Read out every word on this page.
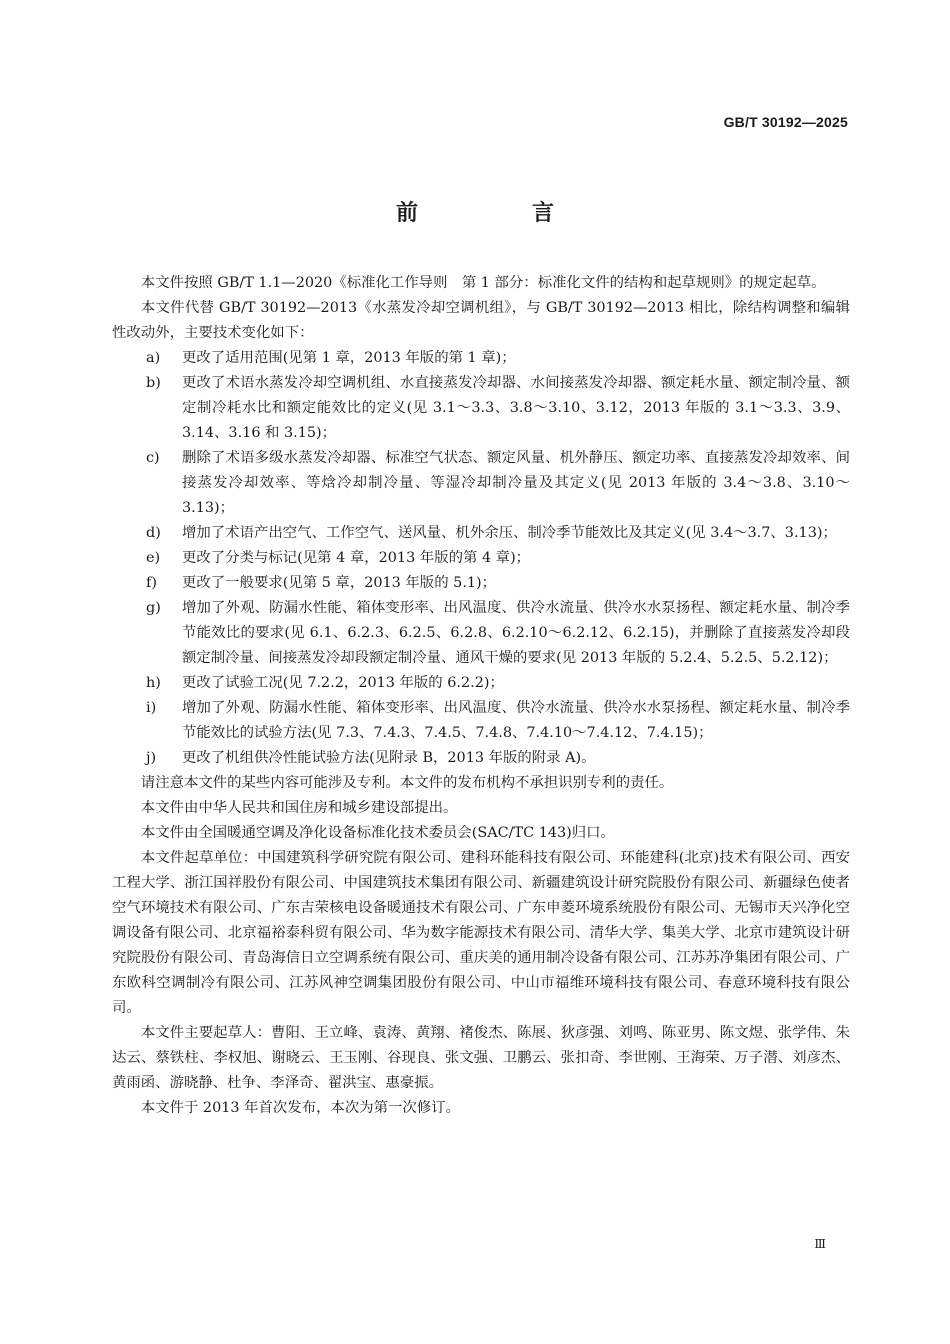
GB/T 30192—2025
前　言

本文件按照 GB/T 1.1—2020《标准化工作导则　第 1 部分：标准化文件的结构和起草规则》的规定起草。

本文件代替 GB/T 30192—2013《水蒸发冷却空调机组》，与 GB/T 30192—2013 相比，除结构调整和编辑性改动外，主要技术变化如下：

a)	更改了适用范围(见第 1 章，2013 年版的第 1 章)；
b)	更改了术语水蒸发冷却空调机组、水直接蒸发冷却器、水间接蒸发冷却器、额定耗水量、额定制冷量、额定制冷耗水比和额定能效比的定义(见 3.1～3.3、3.8～3.10、3.12，2013 年版的 3.1～3.3、3.9、3.14、3.16 和 3.15)；
c)	删除了术语多级水蒸发冷却器、标准空气状态、额定风量、机外静压、额定功率、直接蒸发冷却效率、间接蒸发冷却效率、等焓冷却制冷量、等湿冷却制冷量及其定义(见 2013 年版的 3.4～3.8、3.10～3.13)；
d)	增加了术语产出空气、工作空气、送风量、机外余压、制冷季节能效比及其定义(见 3.4～3.7、3.13)；
e)	更改了分类与标记(见第 4 章，2013 年版的第 4 章)；
f)	更改了一般要求(见第 5 章，2013 年版的 5.1)；
g)	增加了外观、防漏水性能、箱体变形率、出风温度、供冷水流量、供冷水水泵扬程、额定耗水量、制冷季节能效比的要求(见 6.1、6.2.3、6.2.5、6.2.8、6.2.10～6.2.12、6.2.15)，并删除了直接蒸发冷却段额定制冷量、间接蒸发冷却段额定制冷量、通风干燥的要求(见 2013 年版的 5.2.4、5.2.5、5.2.12)；
h)	更改了试验工况(见 7.2.2，2013 年版的 6.2.2)；
i)	增加了外观、防漏水性能、箱体变形率、出风温度、供冷水流量、供冷水水泵扬程、额定耗水量、制冷季节能效比的试验方法(见 7.3、7.4.3、7.4.5、7.4.8、7.4.10～7.4.12、7.4.15)；
j)	更改了机组供冷性能试验方法(见附录 B，2013 年版的附录 A)。

请注意本文件的某些内容可能涉及专利。本文件的发布机构不承担识别专利的责任。

本文件由中华人民共和国住房和城乡建设部提出。

本文件由全国暖通空调及净化设备标准化技术委员会(SAC/TC 143)归口。

本文件起草单位：中国建筑科学研究院有限公司、建科环能科技有限公司、环能建科(北京)技术有限公司、西安工程大学、浙江国祥股份有限公司、中国建筑技术集团有限公司、新疆建筑设计研究院股份有限公司、新疆绿色使者空气环境技术有限公司、广东吉荣核电设备暖通技术有限公司、广东申菱环境系统股份有限公司、无锡市天兴净化空调设备有限公司、北京福裕泰科贸有限公司、华为数字能源技术有限公司、清华大学、集美大学、北京市建筑设计研究院股份有限公司、青岛海信日立空调系统有限公司、重庆美的通用制冷设备有限公司、江苏苏净集团有限公司、广东欧科空调制冷有限公司、江苏风神空调集团股份有限公司、中山市福维环境科技有限公司、春意环境科技有限公司。

本文件主要起草人：曹阳、王立峰、袁涛、黄翔、褚俊杰、陈展、狄彦强、刘鸣、陈亚男、陈文煜、张学伟、朱达云、蔡铁柱、李权旭、谢晓云、王玉刚、谷现良、张文强、卫鹏云、张扣奇、李世刚、王海荣、万子潜、刘彦杰、黄雨函、游晓静、杜争、李泽奇、翟洪宝、惠豪振。

本文件于 2013 年首次发布，本次为第一次修订。

Ⅲ
